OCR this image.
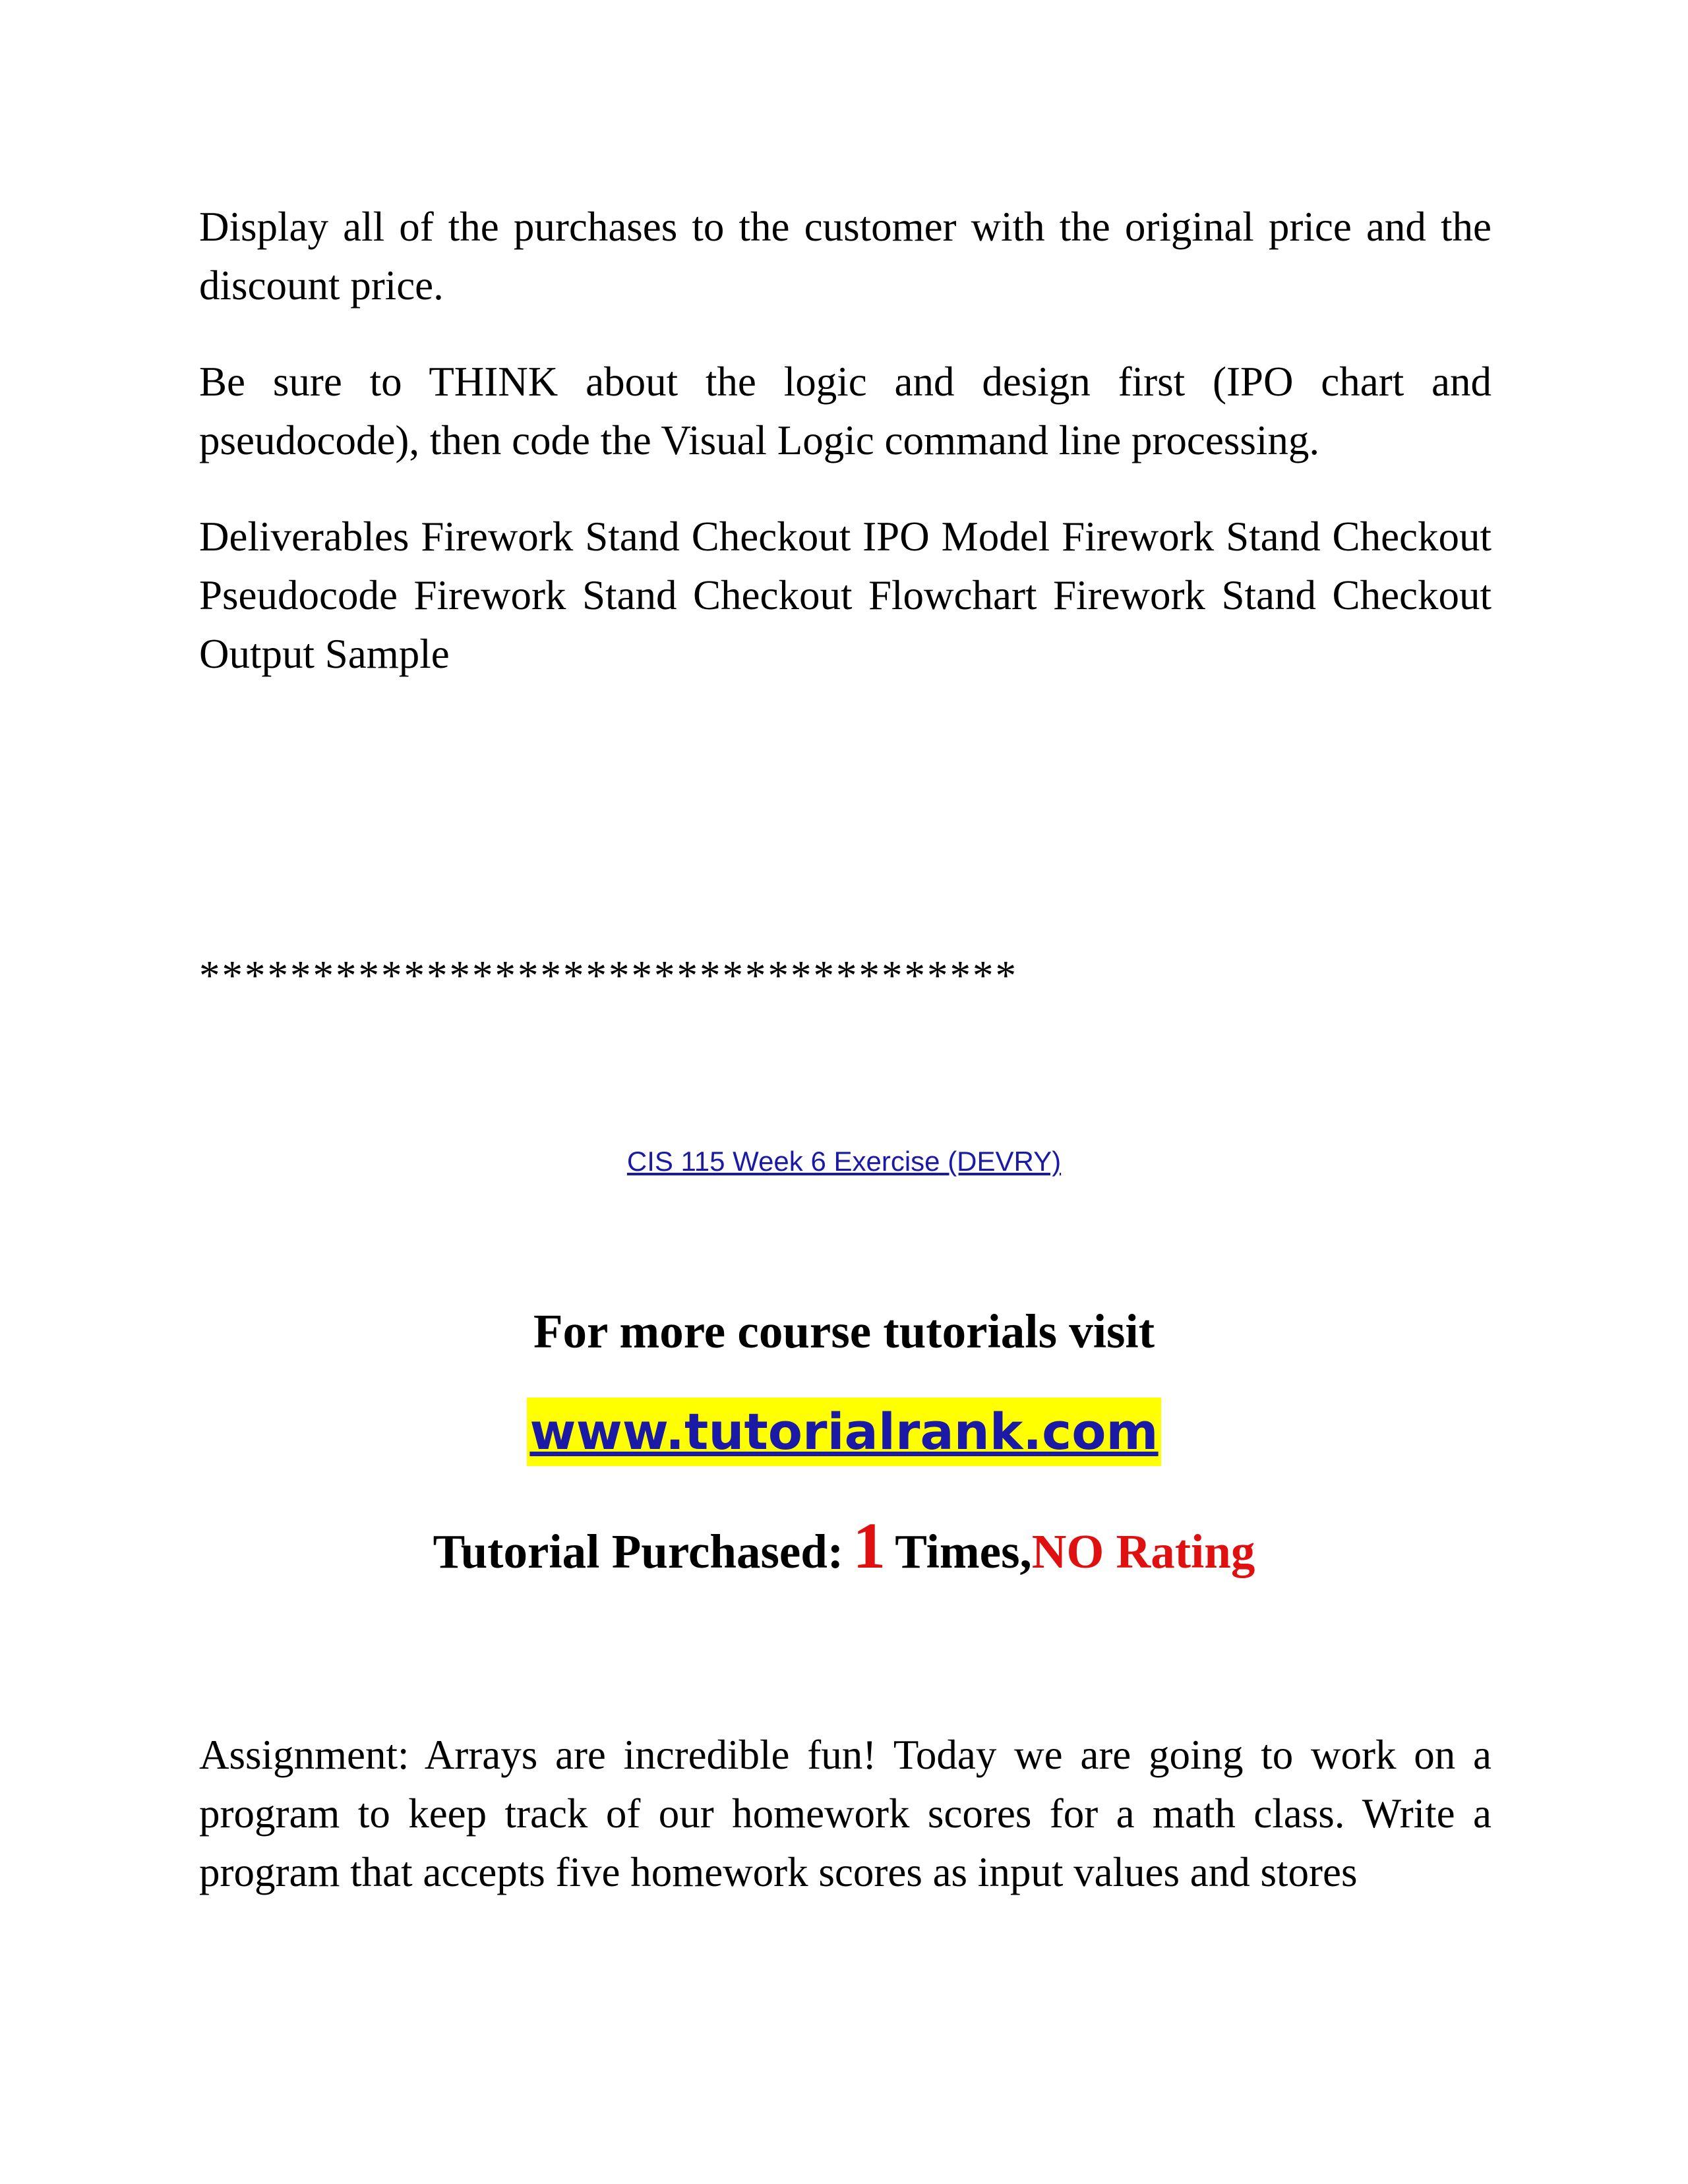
Display all of the purchases to the customer with the original price and the discount price.

Be sure to THINK about the logic and design first (IPO chart and pseudocode), then code the Visual Logic command line processing.

Deliverables Firework Stand Checkout IPO Model Firework Stand Checkout Pseudocode Firework Stand Checkout Flowchart Firework Stand Checkout Output Sample

************************************
CIS 115 Week 6 Exercise (DEVRY)
For more course tutorials visit
www.tutorialrank.com
Tutorial Purchased: 1 Times,NO Rating

Assignment: Arrays are incredible fun! Today we are going to work on a program to keep track of our homework scores for a math class. Write a program that accepts five homework scores as input values and stores
